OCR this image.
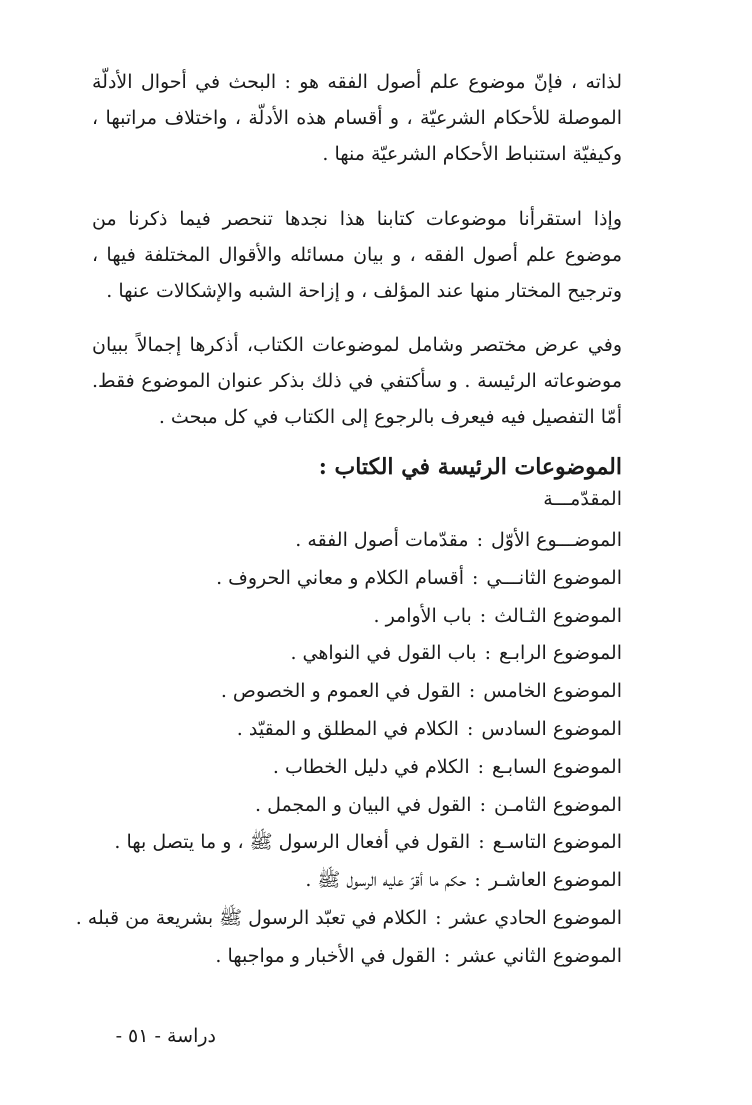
لذاته ، فإنّ موضوع علم أصول الفقه هو : البحث في أحوال الأدلّة الموصلة للأحكام الشرعيّة ، و أقسام هذه الأدلّة ، واختلاف مراتبها ، وكيفيّة استنباط الأحكام الشرعيّة منها .

وإذا استقرأنا موضوعات كتابنا هذا نجدها تنحصر فيما ذكرنا من موضوع علم أصول الفقه ، و بيان مسائله والأقوال المختلفة فيها ، وترجيح المختار منها عند المؤلف ، و إزاحة الشبه والإشكالات عنها .

وفي عرض مختصر وشامل لموضوعات الكتاب، أذكرها إجمالاً ببيان موضوعاته الرئيسة . و سأكتفي في ذلك بذكر عنوان الموضوع فقط. أمّا التفصيل فيه فيعرف بالرجوع إلى الكتاب في كل مبحث .

الموضوعات الرئيسة في الكتاب :
المقدّمـــة
الموضـــوع الأوّل:مقدّمات أصول الفقه .
الموضوع الثانـــي:أقسام الكلام و معاني الحروف .
الموضوع الثـالث:باب الأوامر .
الموضوع الرابـع:باب القول في النواهي .
الموضوع الخامس:القول في العموم و الخصوص .
الموضوع السادس:الكلام في المطلق و المقيّد .
الموضوع السابـع:الكلام في دليل الخطاب .
الموضوع الثامـن:القول في البيان و المجمل .
الموضوع التاسـع:القول في أفعال الرسول ﷺ ، و ما يتصل بها .
الموضوع العاشـر:حكم ما أقرّ عليه الرسول ﷺ .
الموضوع الحادي عشر:الكلام في تعبّد الرسول ﷺ بشريعة من قبله .
الموضوع الثاني عشر:القول في الأخبار و مواجبها .
دراسة - ٥١ -
